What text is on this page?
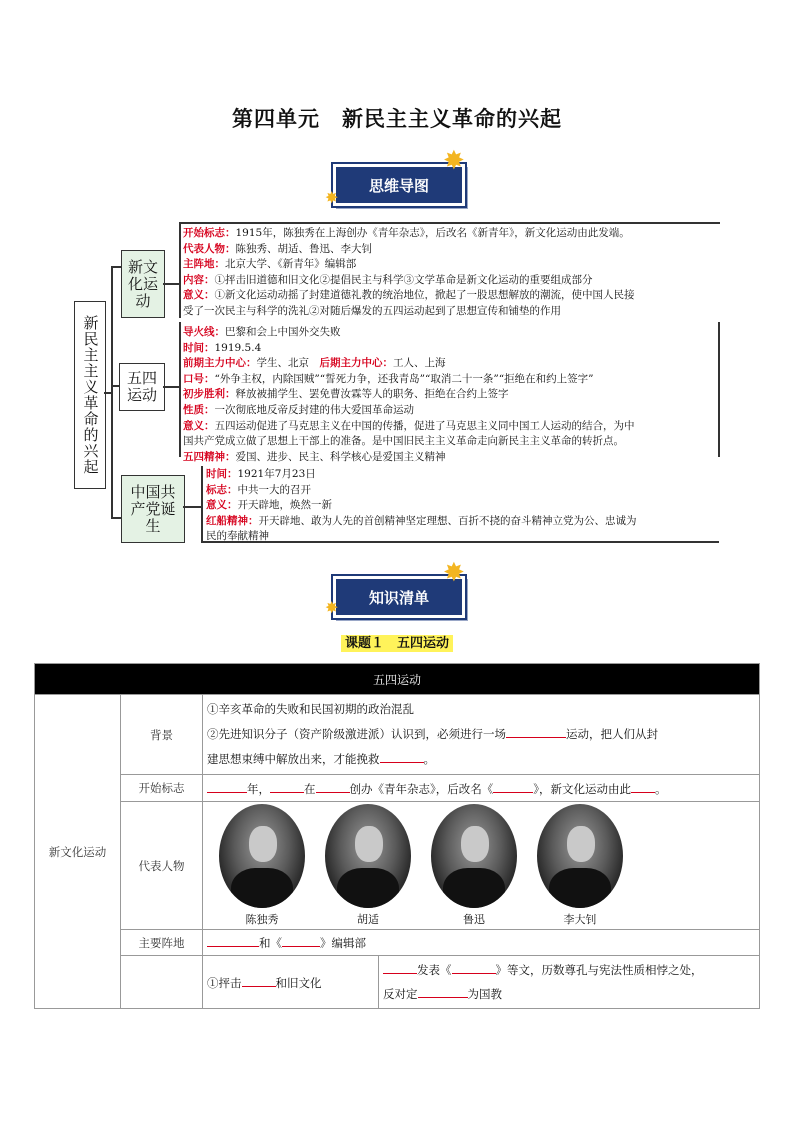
第四单元　新民主主义革命的兴起
思维导图
✸
✸
新民主主义革命的兴起
新文化运动
五四运动
中国共产党诞生
开始标志：1915年，陈独秀在上海创办《青年杂志》，后改名《新青年》，新文化运动由此发端。
代表人物：陈独秀、胡适、鲁迅、李大钊
主阵地：北京大学、《新青年》编辑部
内容：①抨击旧道德和旧文化②提倡民主与科学③文学革命是新文化运动的重要组成部分
意义：①新文化运动动摇了封建道德礼教的统治地位，掀起了一股思想解放的潮流，使中国人民接
受了一次民主与科学的洗礼②对随后爆发的五四运动起到了思想宣传和铺垫的作用
导火线：巴黎和会上中国外交失败
时间：1919.5.4
前期主力中心：学生、北京　 后期主力中心：工人、上海
口号：“外争主权，内除国贼”“誓死力争，还我青岛”“取消二十一条”“拒绝在和约上签字”
初步胜利：释放被捕学生、罢免曹汝霖等人的职务、拒绝在合约上签字
性质：一次彻底地反帝反封建的伟大爱国革命运动
意义：五四运动促进了马克思主义在中国的传播，促进了马克思主义同中国工人运动的结合，为中
国共产党成立做了思想上干部上的准备。是中国旧民主主义革命走向新民主主义革命的转折点。
五四精神：爱国、进步、民主、科学核心是爱国主义精神
时间：1921年7月23日
标志：中共一大的召开
意义：开天辟地，焕然一新
红船精神：开天辟地、敢为人先的首创精神坚定理想、百折不挠的奋斗精神立党为公、忠诚为
民的奉献精神
知识清单
✸
✸
课题１　五四运动
五四运动			
新文化运动	背景	①辛亥革命的失败和民国初期的政治混乱
②先进知识分子（资产阶级激进派）认识到，必须进行一场 运动，把人们从封
建思想束缚中解放出来，才能挽救 。	

	开始标志	年， 在 创办《青年杂志》，后改名《 》，新文化运动由此 。	
	代表人物	陈独秀 胡适 鲁迅 李大钊	

	主要阵地	和《 》编辑部	
		①抨击 和旧文化	发表《 》等文，历数尊孔与宪法性质相悖之处，
反对定 为国教
